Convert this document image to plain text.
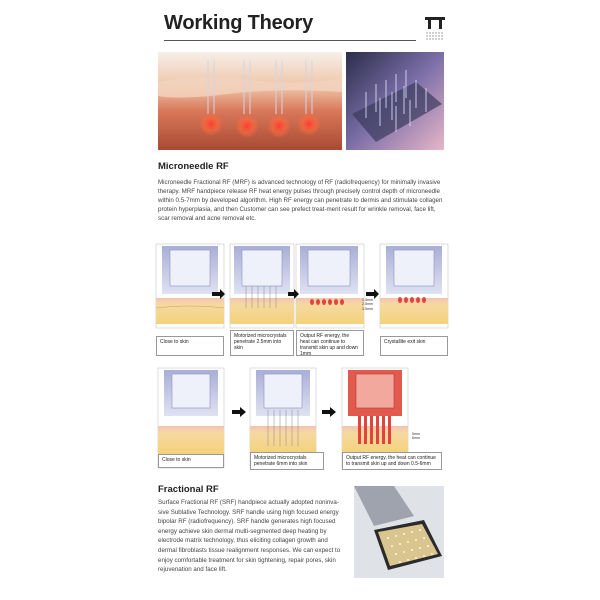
Working Theory
Microneedle RF
Microneedle Fractional RF (MRF) is advanced technology of RF (radiofrequency) for minimally invasive therapy. MRF handpiece release RF heat energy pulses through precisely control depth of microneedle within 0.5-7mm by developed algorithm. High RF energy can penetrate to dermis and stimulate collagen protein hyperplasia, and then Customer can see prefect treat-ment result for wrinkle removal, face lift, scar removal and acne removal etc.
1.5mm
2.5mm
3.5mm
Close to skin
Motorized microcrystals penetrate 2.5mm into skin
Output RF energy, the heat can continue to transmit skin up and down 1mm
Crystallite exit skin
5mm
6mm
Close to skin	Motorized microcrystals penetrate 6mm into skin
Output RF energy, the heat can continue to transmit skin up and down 0.5-6mm
Fractional RF
Surface Fractional RF (SRF) handpiece actually adopted noninva-sive Sublative Technology. SRF handle using high focused energy bipolar RF (radiofrequency). SRF handle generates high focused energy achieve skin dermal multi-segmented deep heating by electrode matrix technology, thus eliciting collagen growth and dermal fibroblasts tissue realignment responses. We can expect to enjoy comfortable treatment for skin tightening, repair pores, skin rejuvenation and face lift.
